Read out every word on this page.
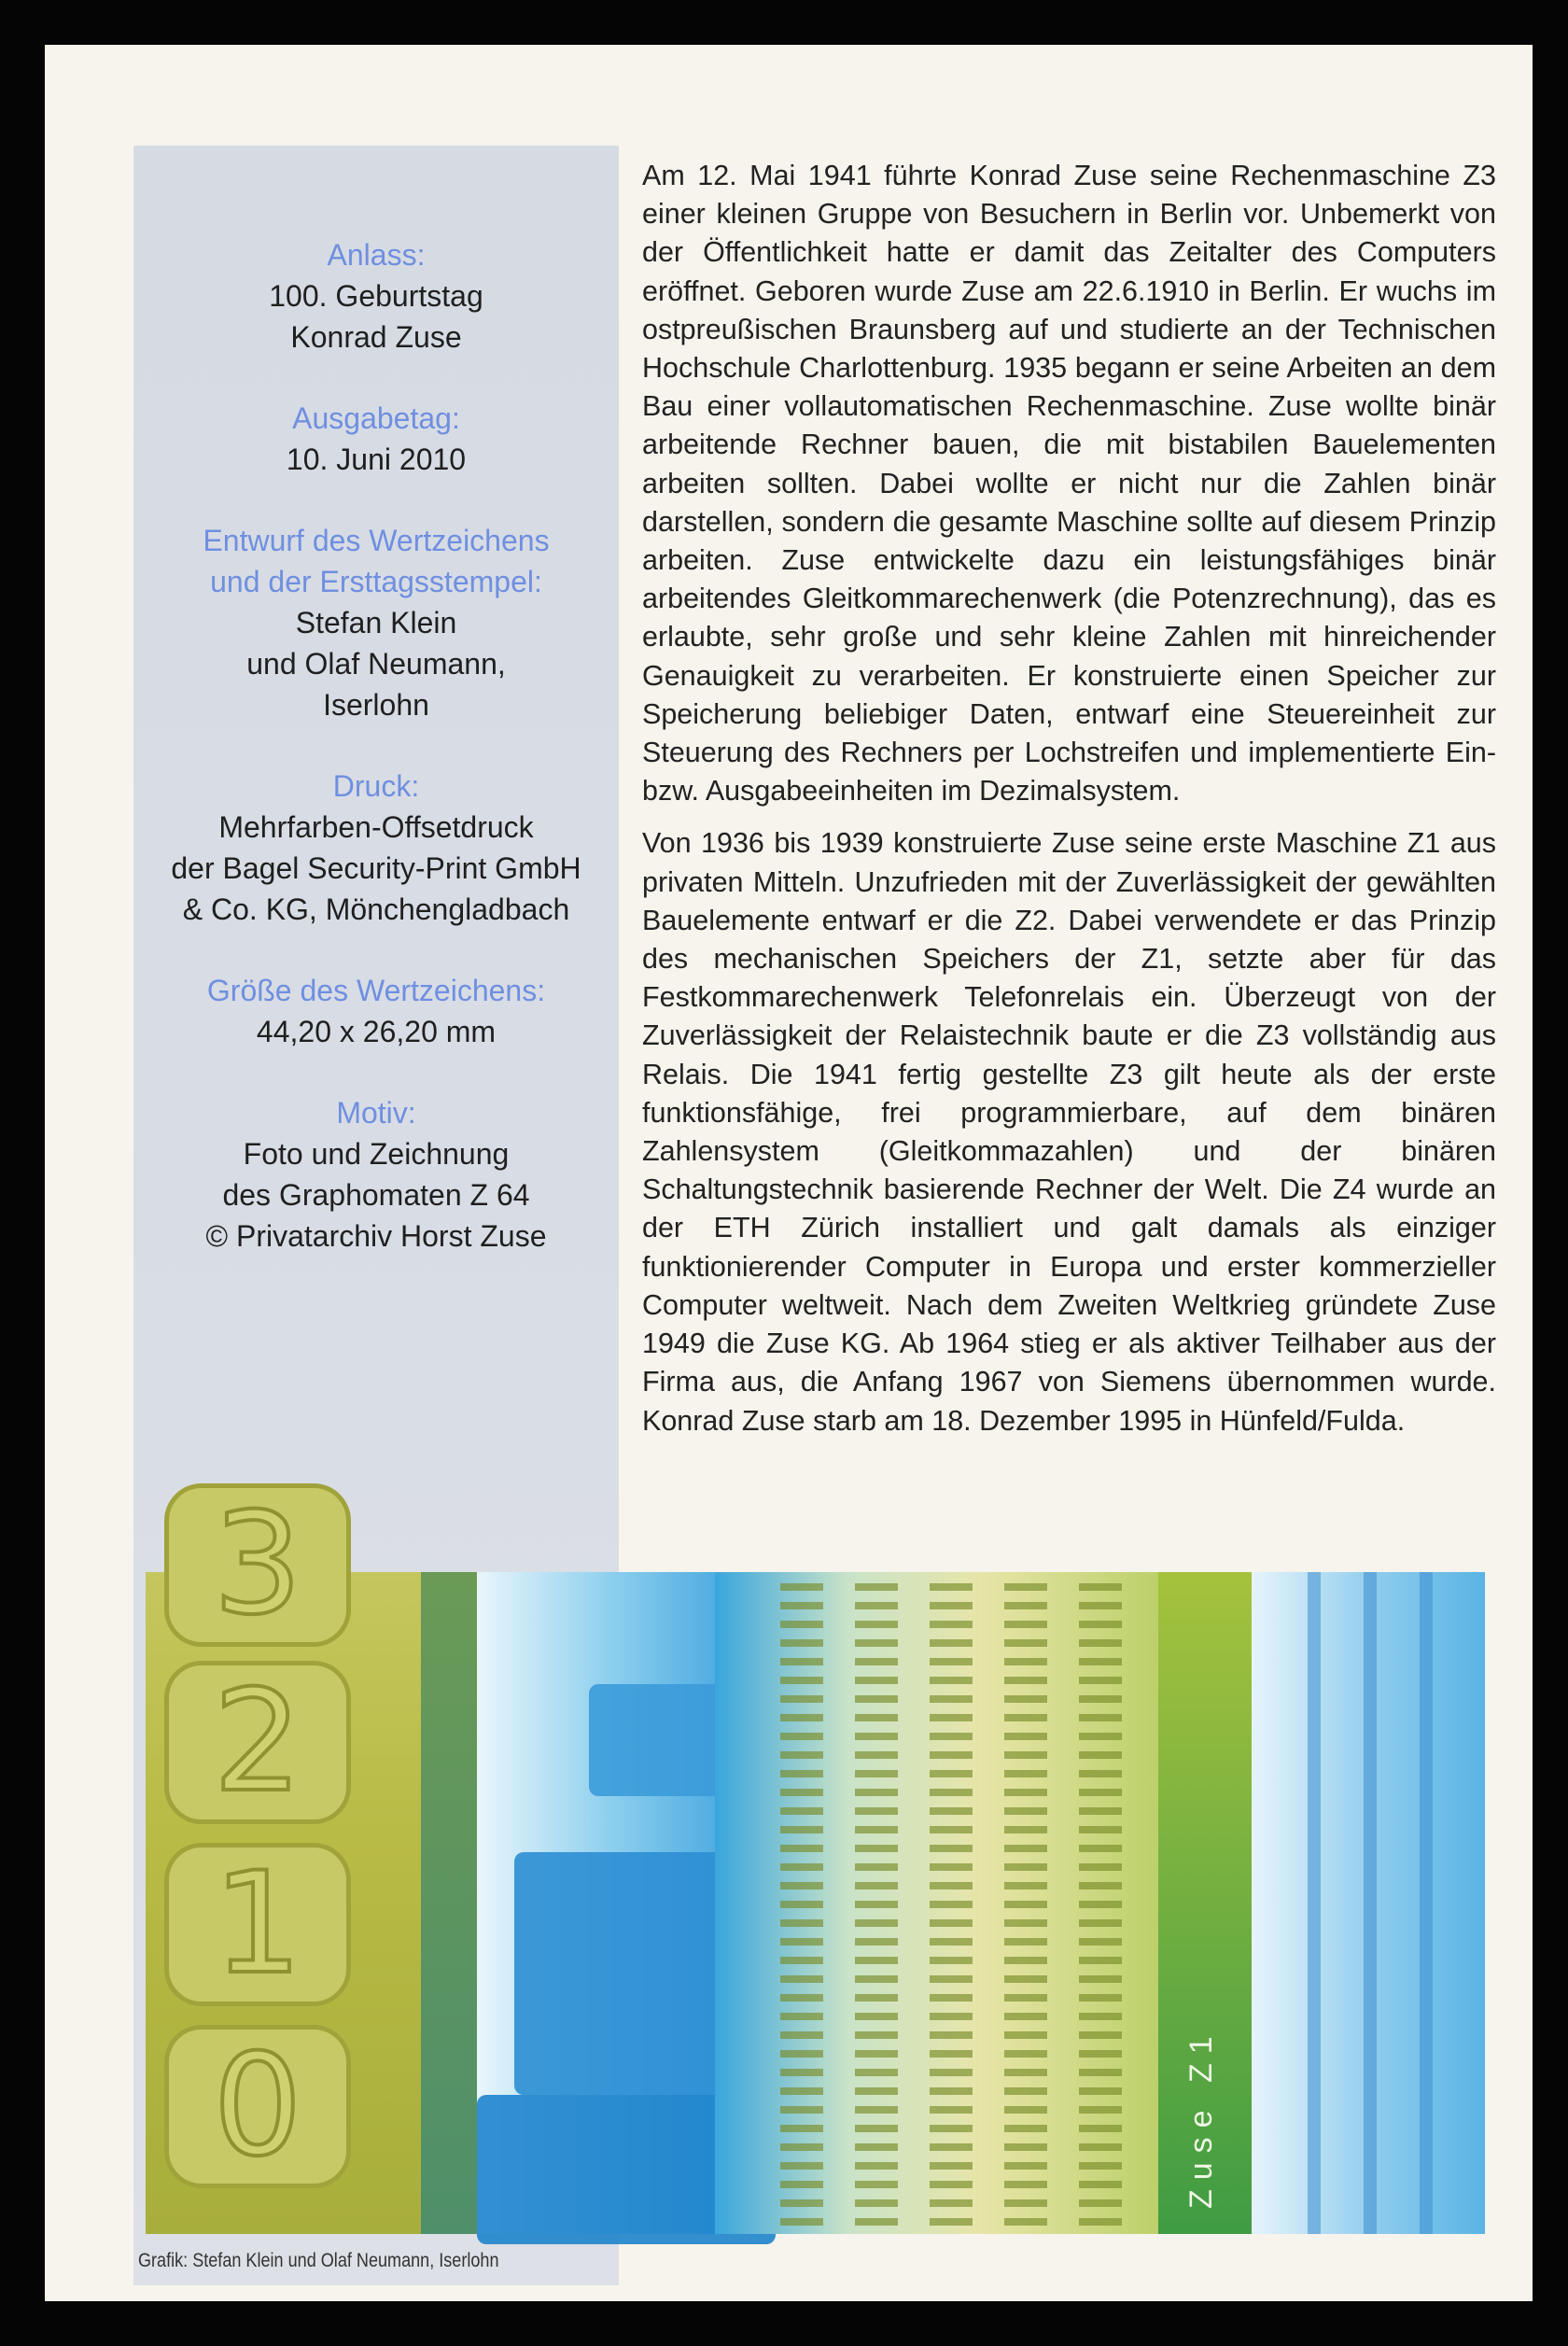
Anlass:
100. Geburtstag
Konrad Zuse
Ausgabetag:
10. Juni 2010
Entwurf des Wertzeichens
und der Ersttagsstempel:
Stefan Klein
und Olaf Neumann,
Iserlohn
Druck:
Mehrfarben-Offsetdruck
der Bagel Security-Print GmbH
& Co. KG, Mönchengladbach
Größe des Wertzeichens:
44,20 x 26,20 mm
Motiv:
Foto und Zeichnung
des Graphomaten Z 64
© Privatarchiv Horst Zuse

Am 12. Mai 1941 führte Konrad Zuse seine Rechenmaschine Z3 einer kleinen Gruppe von Besuchern in Berlin vor. Unbemerkt von der Öffentlichkeit hatte er damit das Zeitalter des Computers eröffnet. Geboren wurde Zuse am 22.6.1910 in Berlin. Er wuchs im ostpreußischen Braunsberg auf und studierte an der Technischen Hochschule Charlottenburg. 1935 begann er seine Arbeiten an dem Bau einer vollautomatischen Rechenmaschine. Zuse wollte binär arbeitende Rechner bauen, die mit bistabilen Bauelementen arbeiten sollten. Dabei wollte er nicht nur die Zahlen binär darstellen, sondern die gesamte Maschine sollte auf diesem Prinzip arbeiten. Zuse entwickelte dazu ein leistungsfähiges binär arbeitendes Gleitkommarechenwerk (die Potenzrechnung), das es erlaubte, sehr große und sehr kleine Zahlen mit hinreichender Genauigkeit zu verarbeiten. Er konstruierte einen Speicher zur Speicherung beliebiger Daten, entwarf eine Steuereinheit zur Steuerung des Rechners per Lochstreifen und implementierte Ein- bzw. Ausgabeeinheiten im Dezimalsystem.

Von 1936 bis 1939 konstruierte Zuse seine erste Maschine Z1 aus privaten Mitteln. Unzufrieden mit der Zuverlässigkeit der gewählten Bauelemente entwarf er die Z2. Dabei verwendete er das Prinzip des mechanischen Speichers der Z1, setzte aber für das Festkommarechenwerk Telefonrelais ein. Überzeugt von der Zuverlässigkeit der Relaistechnik baute er die Z3 vollständig aus Relais. Die 1941 fertig gestellte Z3 gilt heute als der erste funktionsfähige, frei programmierbare, auf dem binären Zahlensystem (Gleitkommazahlen) und der binären Schaltungstechnik basierende Rechner der Welt. Die Z4 wurde an der ETH Zürich installiert und galt damals als einziger funktionierender Computer in Europa und erster kommerzieller Computer weltweit. Nach dem Zweiten Weltkrieg gründete Zuse 1949 die Zuse KG. Ab 1964 stieg er als aktiver Teilhaber aus der Firma aus, die Anfang 1967 von Siemens übernommen wurde. Konrad Zuse starb am 18. Dezember 1995 in Hünfeld/Fulda.

3
2
1
0	Zuse Z1
Grafik: Stefan Klein und Olaf Neumann, Iserlohn
